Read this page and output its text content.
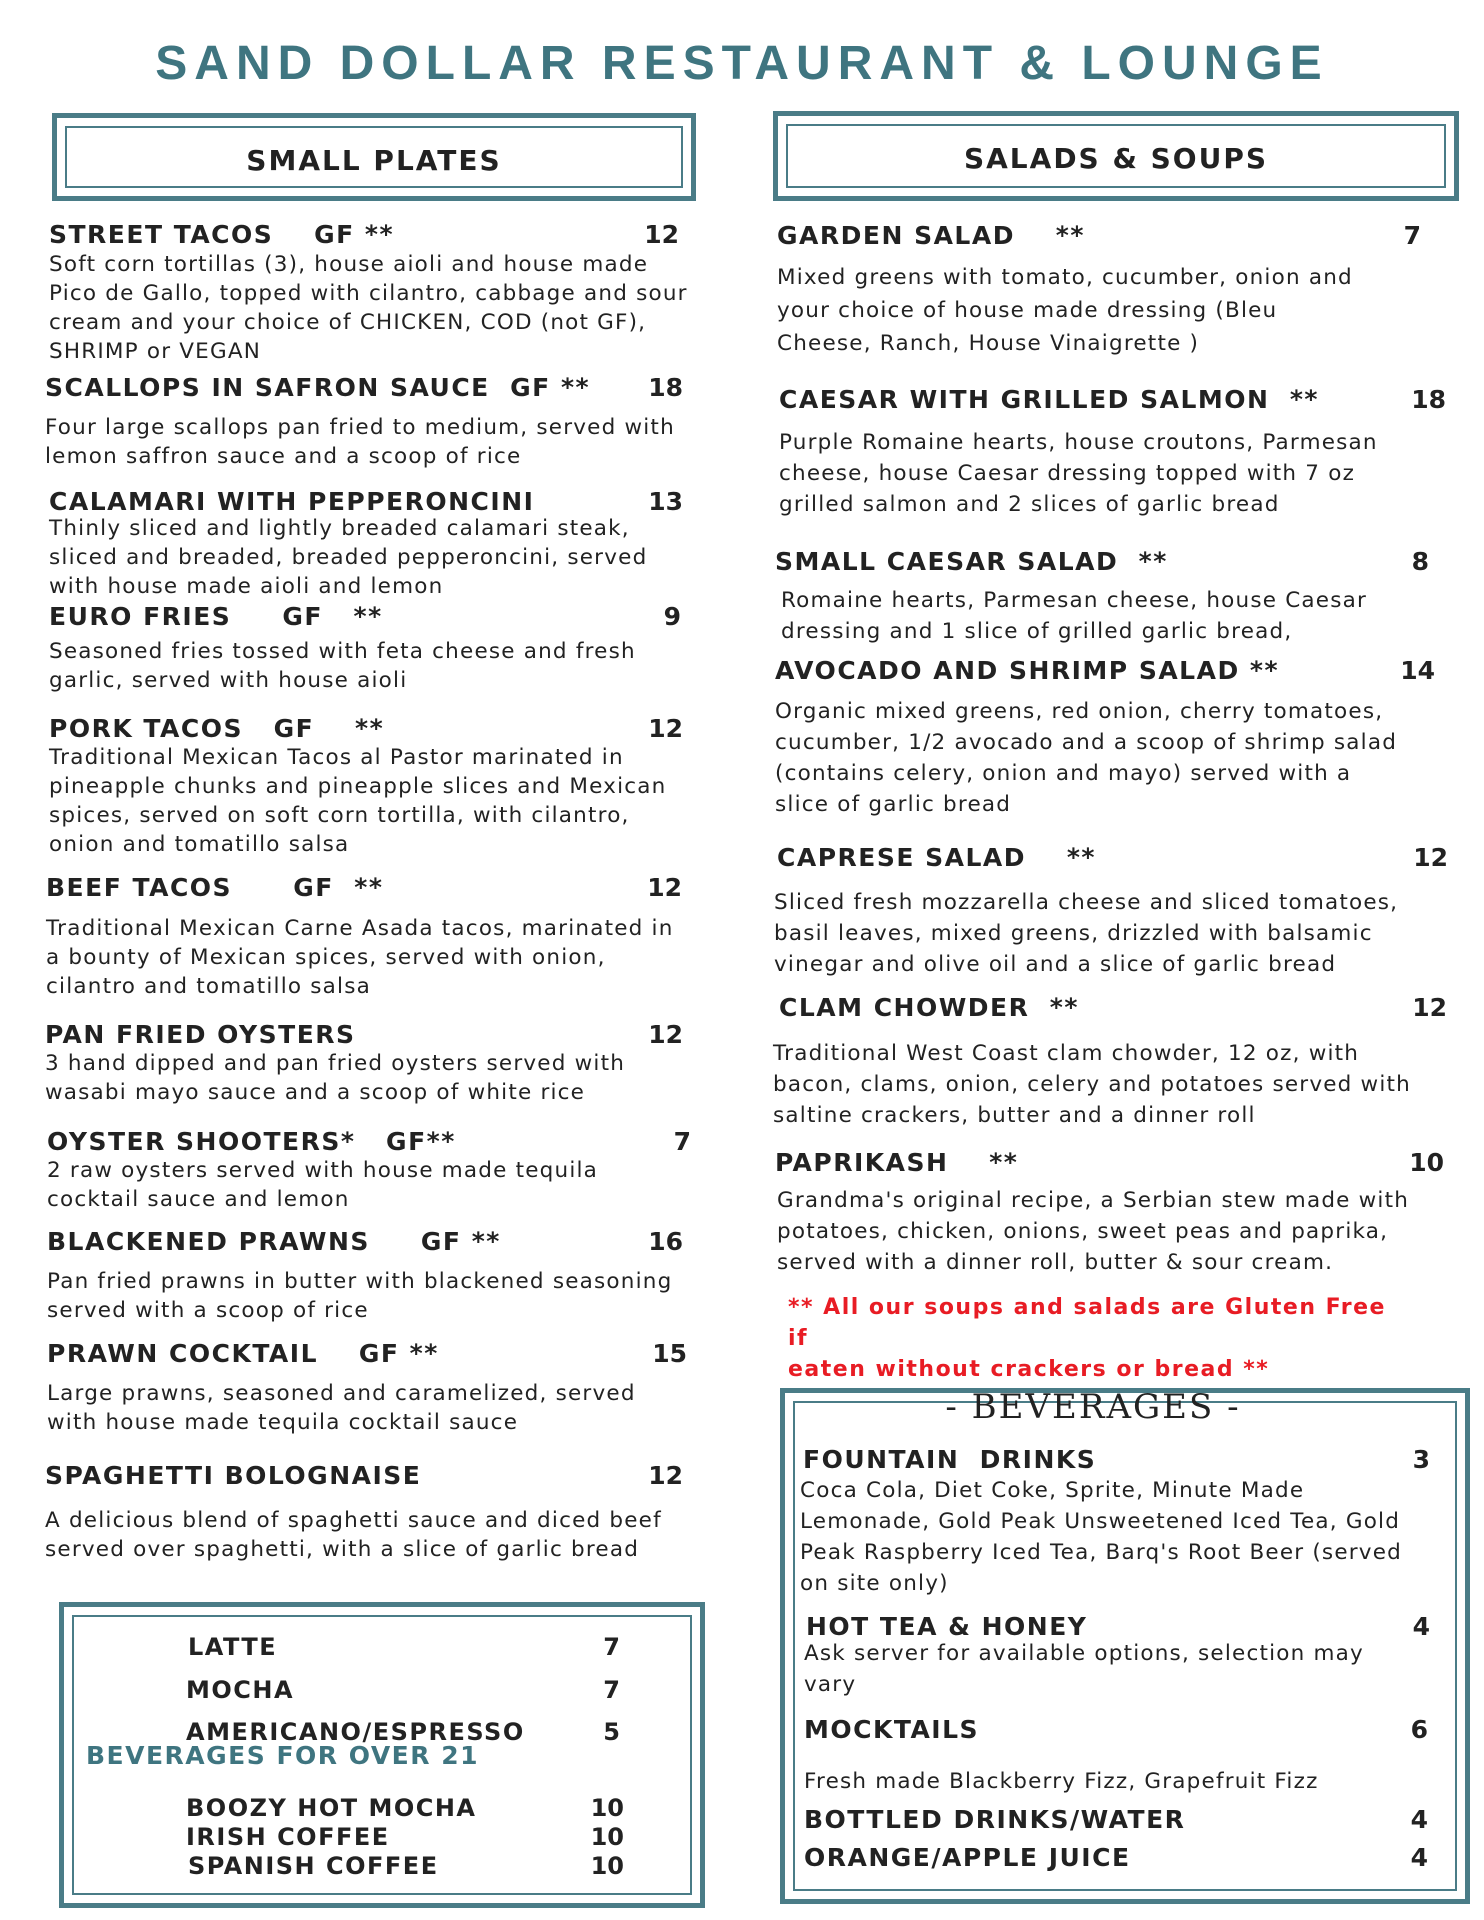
SAND DOLLAR RESTAURANT & LOUNGE
SMALL PLATES	SALADS & SOUPS
STREET TACOS    GF **	12
Soft corn tortillas (3), house aioli and house made
Pico de Gallo, topped with cilantro, cabbage and sour
cream and your choice of CHICKEN, COD (not GF),
SHRIMP or VEGAN
SCALLOPS IN SAFRON SAUCE  GF ** 18
Four large scallops pan fried to medium, served with
lemon saffron sauce and a scoop of rice
CALAMARI WITH PEPPERONCINI	13
Thinly sliced and lightly breaded calamari steak,
sliced and breaded, breaded pepperoncini, served
with house made aioli and lemon
EURO FRIES     GF   **	9
Seasoned fries tossed with feta cheese and fresh
garlic, served with house aioli
PORK TACOS   GF    **	12
Traditional Mexican Tacos al Pastor marinated in
pineapple chunks and pineapple slices and Mexican
spices, served on soft corn tortilla, with cilantro,
onion and tomatillo salsa
BEEF TACOS      GF  **	12
Traditional Mexican Carne Asada tacos, marinated in
a bounty of Mexican spices, served with onion,
cilantro and tomatillo salsa
PAN FRIED OYSTERS	12
3 hand dipped and pan fried oysters served with
wasabi mayo sauce and a scoop of white rice
OYSTER SHOOTERS*   GF**	7
2 raw oysters served with house made tequila
cocktail sauce and lemon
BLACKENED PRAWNS     GF **	16
Pan fried prawns in butter with blackened seasoning
served with a scoop of rice
PRAWN COCKTAIL    GF **	15
Large prawns, seasoned and caramelized, served
with house made tequila cocktail sauce
SPAGHETTI BOLOGNAISE	12
A delicious blend of spaghetti sauce and diced beef
served over spaghetti, with a slice of garlic bread
GARDEN SALAD    **	7
Mixed greens with tomato, cucumber, onion and
your choice of house made dressing (Bleu
Cheese, Ranch, House Vinaigrette )
CAESAR WITH GRILLED SALMON  **	18
Purple Romaine hearts, house croutons, Parmesan
cheese, house Caesar dressing topped with 7 oz
grilled salmon and 2 slices of garlic bread
SMALL CAESAR SALAD  **	8
Romaine hearts, Parmesan cheese, house Caesar
dressing and 1 slice of grilled garlic bread,
AVOCADO AND SHRIMP SALAD **	14
Organic mixed greens, red onion, cherry tomatoes,
cucumber, 1/2 avocado and a scoop of shrimp salad
(contains celery, onion and mayo) served with a
slice of garlic bread
CAPRESE SALAD    **	12
Sliced fresh mozzarella cheese and sliced tomatoes,
basil leaves, mixed greens, drizzled with balsamic
vinegar and olive oil and a slice of garlic bread
CLAM CHOWDER  **	12
Traditional West Coast clam chowder, 12 oz, with
bacon, clams, onion, celery and potatoes served with
saltine crackers, butter and a dinner roll
PAPRIKASH    **	10
Grandma's original recipe, a Serbian stew made with
potatoes, chicken, onions, sweet peas and paprika,
served with a dinner roll, butter & sour cream.
** All our soups and salads are Gluten Free if
eaten without crackers or bread **
- BEVERAGES -
FOUNTAIN  DRINKS	3
Coca Cola, Diet Coke, Sprite, Minute Made
Lemonade, Gold Peak Unsweetened Iced Tea, Gold
Peak Raspberry Iced Tea, Barq's Root Beer (served
on site only)
HOT TEA & HONEY	4
Ask server for available options, selection may
vary
MOCKTAILS	6
Fresh made Blackberry Fizz, Grapefruit Fizz
BOTTLED DRINKS/WATER	4
ORANGE/APPLE JUICE	4
LATTE	7
MOCHA	7
AMERICANO/ESPRESSO	5
BEVERAGES FOR OVER 21
BOOZY HOT MOCHA	10
IRISH COFFEE	10
SPANISH COFFEE	10
